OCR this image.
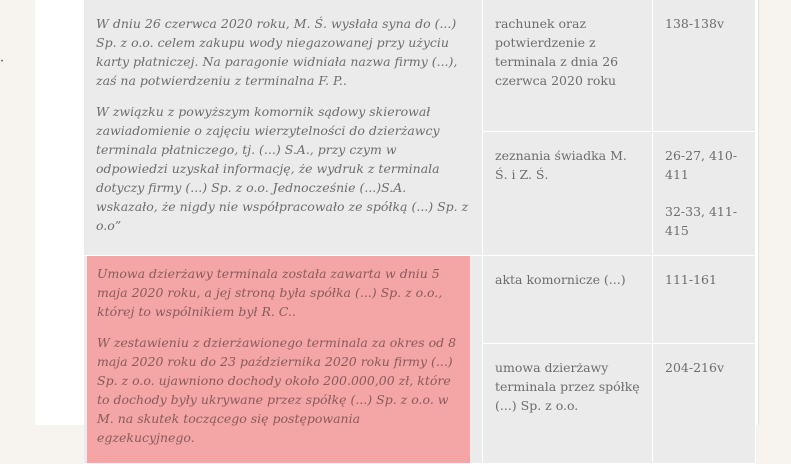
·

W dniu 26 czerwca 2020 roku, M. Ś. wysłała syna do (...) Sp. z o.o. celem zakupu wody niegazowanej przy użyciu karty płatniczej. Na paragonie widniała nazwa firmy (...), zaś na potwierdzeniu z terminalna F. P..

W związku z powyższym komornik sądowy skierował zawiadomienie o zajęciu wierzytelności do dzierżawcy terminala płatniczego, tj. (...) S.A., przy czym w odpowiedzi uzyskał informację, że wydruk z terminala dotyczy firmy (...) Sp. z o.o. Jednocześnie (...)S.A. wskazało, że nigdy nie współpracowało ze spółką (...) Sp. z o.o”	rachunek oraz potwierdzenie z terminala z dnia 26 czerwca 2020 roku	138-138v

	zeznania świadka M. Ś. i Z. Ś.	26-27, 410-411
32-33, 411-415

Umowa dzierżawy terminala została zawarta w dniu 5 maja 2020 roku, a jej stroną była spółka (...) Sp. z o.o., której to wspólnikiem był R. C..

W zestawieniu z dzierżawionego terminala za okres od 8 maja 2020 roku do 23 października 2020 roku firmy (...) Sp. z o.o. ujawniono dochody około 200.000,00 zł, które to dochody były ukrywane przez spółkę (...) Sp. z o.o. w M. na skutek toczącego się postępowania egzekucyjnego.	akta komornicze (...)	111-161

	umowa dzierżawy terminala przez spółkę (...) Sp. z o.o.	204-216v
